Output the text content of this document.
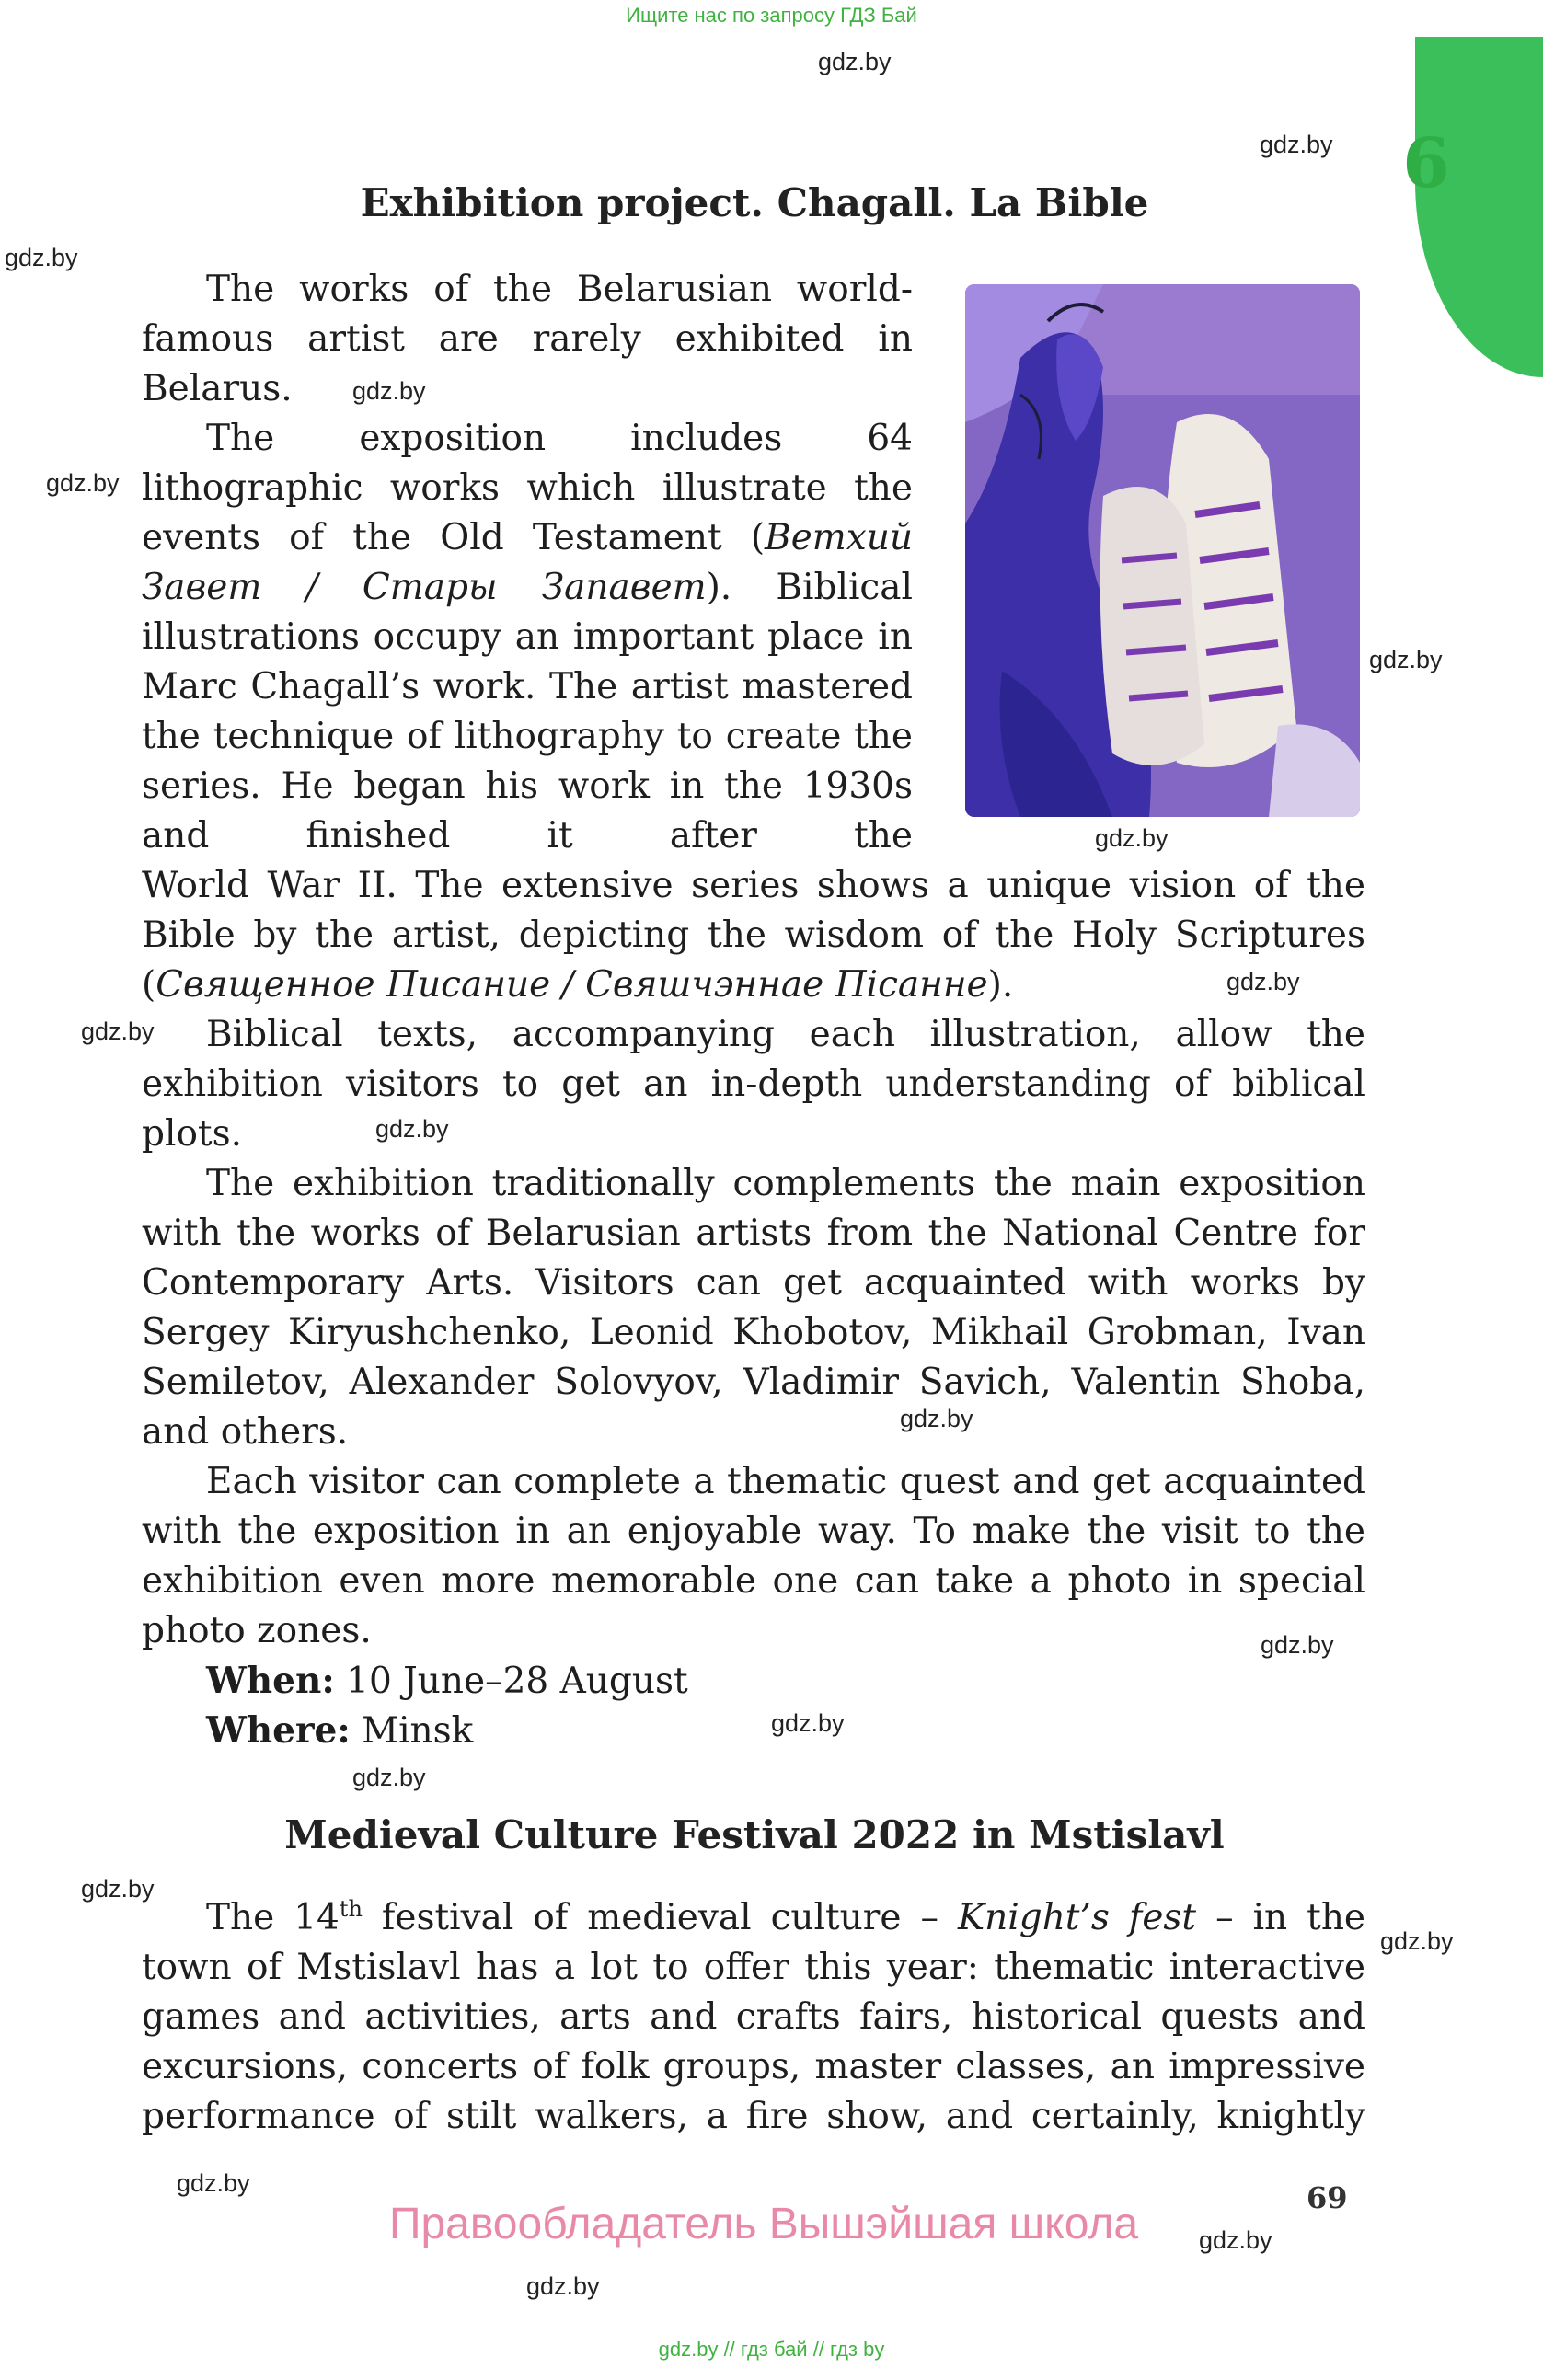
Ищите нас по запросу ГДЗ Бай
6
gdz.by
gdz.by
gdz.by
gdz.by
gdz.by
gdz.by
gdz.by
gdz.by
gdz.by
gdz.by
gdz.by
gdz.by
gdz.by
gdz.by
gdz.by
gdz.by
gdz.by
gdz.by
gdz.by
Exhibition project. Chagall. La Bible

The works of the Belarusian world-famous artist are rarely exhibited in Belarus.

The exposition includes 64 lithographic works which illustrate the events of the Old Testament (Ветхий Завет / Стары Запавет). Biblical illustrations occupy an important place in Marc Chagall’s work. The artist mastered the technique of lithography to create the series. He began his work in the 1930s and finished it after the

World War II. The extensive series shows a unique vision of the Bible by the artist, depicting the wisdom of the Holy Scriptures (Священное Писание / Свяшчэннае Пісанне).

Biblical texts, accompanying each illustration, allow the exhibition visitors to get an in-depth understanding of biblical plots.

The exhibition traditionally complements the main exposition with the works of Belarusian artists from the National Centre for Contemporary Arts. Visitors can get acquainted with works by Sergey Kiryushchenko, Leonid Khobotov, Mikhail Grobman, Ivan Semiletov, Alexander Solovyov, Vladimir Savich, Valentin Shoba, and others.

Each visitor can complete a thematic quest and get acquainted with the exposition in an enjoyable way. To make the visit to the exhibition even more memorable one can take a photo in special photo zones.

When: 10 June–28 August
Where: Minsk
Medieval Culture Festival 2022 in Mstislavl

The 14th festival of medieval culture – Knight’s fest – in the town of Mstislavl has a lot to offer this year: thematic interactive games and activities, arts and crafts fairs, historical quests and excursions, concerts of folk groups, master classes, an impressive performance of stilt walkers, a fire show, and certainly, knightly

69
Правообладатель Вышэйшая школа
gdz.by // гдз бай // гдз by
